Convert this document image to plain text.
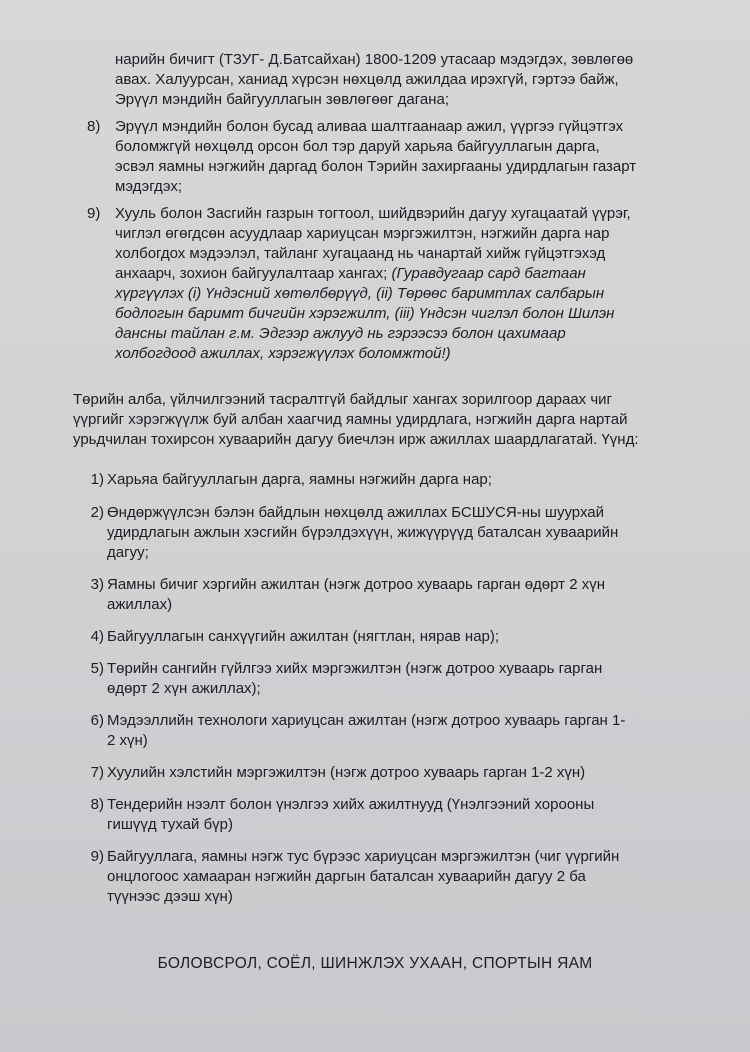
нарийн бичигт (ТЗУГ- Д.Батсайхан) 1800-1209 утасаар мэдэгдэх, зөвлөгөө
авах. Халуурсан, ханиад хүрсэн нөхцөлд ажилдаа ирэхгүй, гэртээ байж,
Эрүүл мэндийн байгууллагын зөвлөгөөг дагана;
8) Эрүүл мэндийн болон бусад аливаа шалтгаанаар ажил, үүргээ гүйцэтгэх
боломжгүй нөхцөлд орсон бол тэр даруй харьяа байгууллагын дарга,
эсвэл яамны нэгжийн даргад болон Тэрийн захиргааны удирдлагын газарт
мэдэгдэх;
9) Хууль болон Засгийн газрын тогтоол, шийдвэрийн дагуу хугацаатай үүрэг,
чиглэл өгөгдсөн асуудлаар хариуцсан мэргэжилтэн, нэгжийн дарга нар
холбогдох мэдээлэл, тайланг хугацаанд нь чанартай хийж гүйцэтгэхэд
анхаарч, зохион байгуулалтаар хангах; (Гуравдугаар сард багтаан
хүргүүлэх (i) Үндэсний хөтөлбөрүүд, (ii) Төрөөс баримтлах салбарын
бодлогын баримт бичгийн хэрэгжилт, (iii) Үндсэн чиглэл болон Шилэн
дансны тайлан г.м. Эдгээр ажлууд нь гэрээсээ болон цахимаар
холбогдоод ажиллах, хэрэгжүүлэх боломжтой!)
Төрийн алба, үйлчилгээний тасралтгүй байдлыг хангах зорилгоор дараах чиг
үүргийг хэрэгжүүлж буй албан хаагчид яамны удирдлага, нэгжийн дарга нартай
урьдчилан тохирсон хуваарийн дагуу биечлэн ирж ажиллах шаардлагатай. Үүнд:
1) Харьяа байгууллагын дарга, яамны нэгжийн дарга нар;
2) Өндөржүүлсэн бэлэн байдлын нөхцөлд ажиллах БСШУСЯ-ны шуурхай
удирдлагын ажлын хэсгийн бүрэлдэхүүн, жижүүрүүд баталсан хуваарийн
дагуу;
3) Яамны бичиг хэргийн ажилтан (нэгж дотроо хуваарь гарган өдөрт 2 хүн
ажиллах)
4) Байгууллагын санхүүгийн ажилтан (нягтлан, нярав нар);
5) Төрийн сангийн гүйлгээ хийх мэргэжилтэн (нэгж дотроо хуваарь гарган
өдөрт 2 хүн ажиллах);
6) Мэдээллийн технологи хариуцсан ажилтан (нэгж дотроо хуваарь гарган 1-
2 хүн)
7) Хуулийн хэлстийн мэргэжилтэн (нэгж дотроо хуваарь гарган 1-2 хүн)
8) Тендерийн нээлт болон үнэлгээ хийх ажилтнууд (Үнэлгээний хорооны
гишүүд тухай бүр)
9) Байгууллага, яамны нэгж тус бүрээс хариуцсан мэргэжилтэн (чиг үүргийн
онцлогоос хамааран нэгжийн даргын баталсан хуваарийн дагуу 2 ба
түүнээс дээш хүн)
БОЛОВСРОЛ, СОЁЛ, ШИНЖЛЭХ УХААН, СПОРТЫН ЯАМ
